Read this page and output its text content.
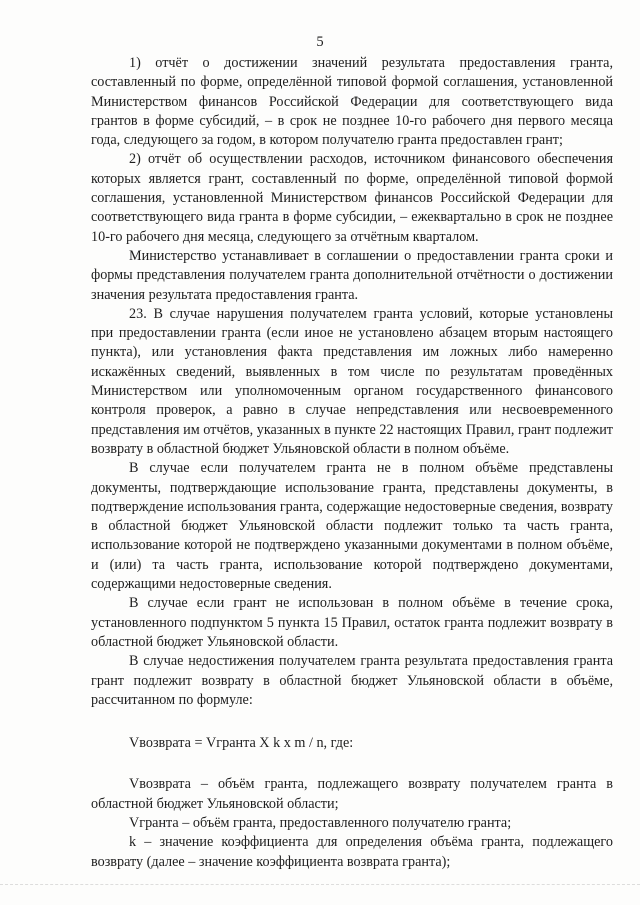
5

1) отчёт о достижении значений результата предоставления гранта, составленный по форме, определённой типовой формой соглашения, установленной Министерством финансов Российской Федерации для соответствующего вида грантов в форме субсидий, – в срок не позднее 10-го рабочего дня первого месяца года, следующего за годом, в котором получателю гранта предоставлен грант;

2) отчёт об осуществлении расходов, источником финансового обеспечения которых является грант, составленный по форме, определённой типовой формой соглашения, установленной Министерством финансов Российской Федерации для соответствующего вида гранта в форме субсидии, – ежеквартально в срок не позднее 10-го рабочего дня месяца, следующего за отчётным кварталом.

Министерство устанавливает в соглашении о предоставлении гранта сроки и формы представления получателем гранта дополнительной отчётности о достижении значения результата предоставления гранта.

23. В случае нарушения получателем гранта условий, которые установлены при предоставлении гранта (если иное не установлено абзацем вторым настоящего пункта), или установления факта представления им ложных либо намеренно искажённых сведений, выявленных в том числе по результатам проведённых Министерством или уполномоченным органом государственного финансового контроля проверок, а равно в случае непредставления или несвоевременного представления им отчётов, указанных в пункте 22 настоящих Правил, грант подлежит возврату в областной бюджет Ульяновской области в полном объёме.

В случае если получателем гранта не в полном объёме представлены документы, подтверждающие использование гранта, представлены документы, в подтверждение использования гранта, содержащие недостоверные сведения, возврату в областной бюджет Ульяновской области подлежит только та часть гранта, использование которой не подтверждено указанными документами в полном объёме, и (или) та часть гранта, использование которой подтверждено документами, содержащими недостоверные сведения.

В случае если грант не использован в полном объёме в течение срока, установленного подпунктом 5 пункта 15 Правил, остаток гранта подлежит возврату в областной бюджет Ульяновской области.

В случае недостижения получателем гранта результата предоставления гранта грант подлежит возврату в областной бюджет Ульяновской области в объёме, рассчитанном по формуле:

Vвозврата = Vгранта X k x m / n, где:

Vвозврата – объём гранта, подлежащего возврату получателем гранта в областной бюджет Ульяновской области;

Vгранта – объём гранта, предоставленного получателю гранта;

k – значение коэффициента для определения объёма гранта, подлежащего возврату (далее – значение коэффициента возврата гранта);
